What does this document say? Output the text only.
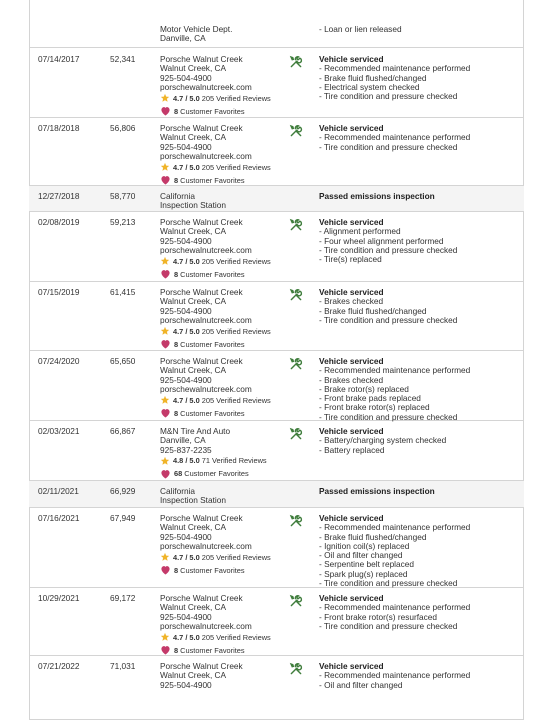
Motor Vehicle Dept.
Danville, CA
- Loan or lien released
07/14/2017	52,341	Porsche Walnut Creek
Walnut Creek, CA
925-504-4900
porschewalnutcreek.com
4.7 / 5.0 205 Verified Reviews
8 Customer Favorites
Vehicle serviced
- Recommended maintenance performed
- Brake fluid flushed/changed
- Electrical system checked
- Tire condition and pressure checked
07/18/2018	56,806	Porsche Walnut Creek
Walnut Creek, CA
925-504-4900
porschewalnutcreek.com
4.7 / 5.0 205 Verified Reviews
8 Customer Favorites
Vehicle serviced
- Recommended maintenance performed
- Tire condition and pressure checked
12/27/2018	58,770	California
Inspection Station
Passed emissions inspection
02/08/2019	59,213	Porsche Walnut Creek
Walnut Creek, CA
925-504-4900
porschewalnutcreek.com
4.7 / 5.0 205 Verified Reviews
8 Customer Favorites
Vehicle serviced
- Alignment performed
- Four wheel alignment performed
- Tire condition and pressure checked
- Tire(s) replaced
07/15/2019	61,415	Porsche Walnut Creek
Walnut Creek, CA
925-504-4900
porschewalnutcreek.com
4.7 / 5.0 205 Verified Reviews
8 Customer Favorites
Vehicle serviced
- Brakes checked
- Brake fluid flushed/changed
- Tire condition and pressure checked
07/24/2020	65,650	Porsche Walnut Creek
Walnut Creek, CA
925-504-4900
porschewalnutcreek.com
4.7 / 5.0 205 Verified Reviews
8 Customer Favorites
Vehicle serviced
- Recommended maintenance performed
- Brakes checked
- Brake rotor(s) replaced
- Front brake pads replaced
- Front brake rotor(s) replaced
- Tire condition and pressure checked
02/03/2021	66,867	M&N Tire And Auto
Danville, CA
925-837-2235
4.8 / 5.0 71 Verified Reviews
68 Customer Favorites
Vehicle serviced
- Battery/charging system checked
- Battery replaced
02/11/2021	66,929	California
Inspection Station
Passed emissions inspection
07/16/2021	67,949	Porsche Walnut Creek
Walnut Creek, CA
925-504-4900
porschewalnutcreek.com
4.7 / 5.0 205 Verified Reviews
8 Customer Favorites
Vehicle serviced
- Recommended maintenance performed
- Brake fluid flushed/changed
- Ignition coil(s) replaced
- Oil and filter changed
- Serpentine belt replaced
- Spark plug(s) replaced
- Tire condition and pressure checked
10/29/2021	69,172	Porsche Walnut Creek
Walnut Creek, CA
925-504-4900
porschewalnutcreek.com
4.7 / 5.0 205 Verified Reviews
8 Customer Favorites
Vehicle serviced
- Recommended maintenance performed
- Front brake rotor(s) resurfaced
- Tire condition and pressure checked
07/21/2022	71,031	Porsche Walnut Creek
Walnut Creek, CA
925-504-4900
Vehicle serviced
- Recommended maintenance performed
- Oil and filter changed
